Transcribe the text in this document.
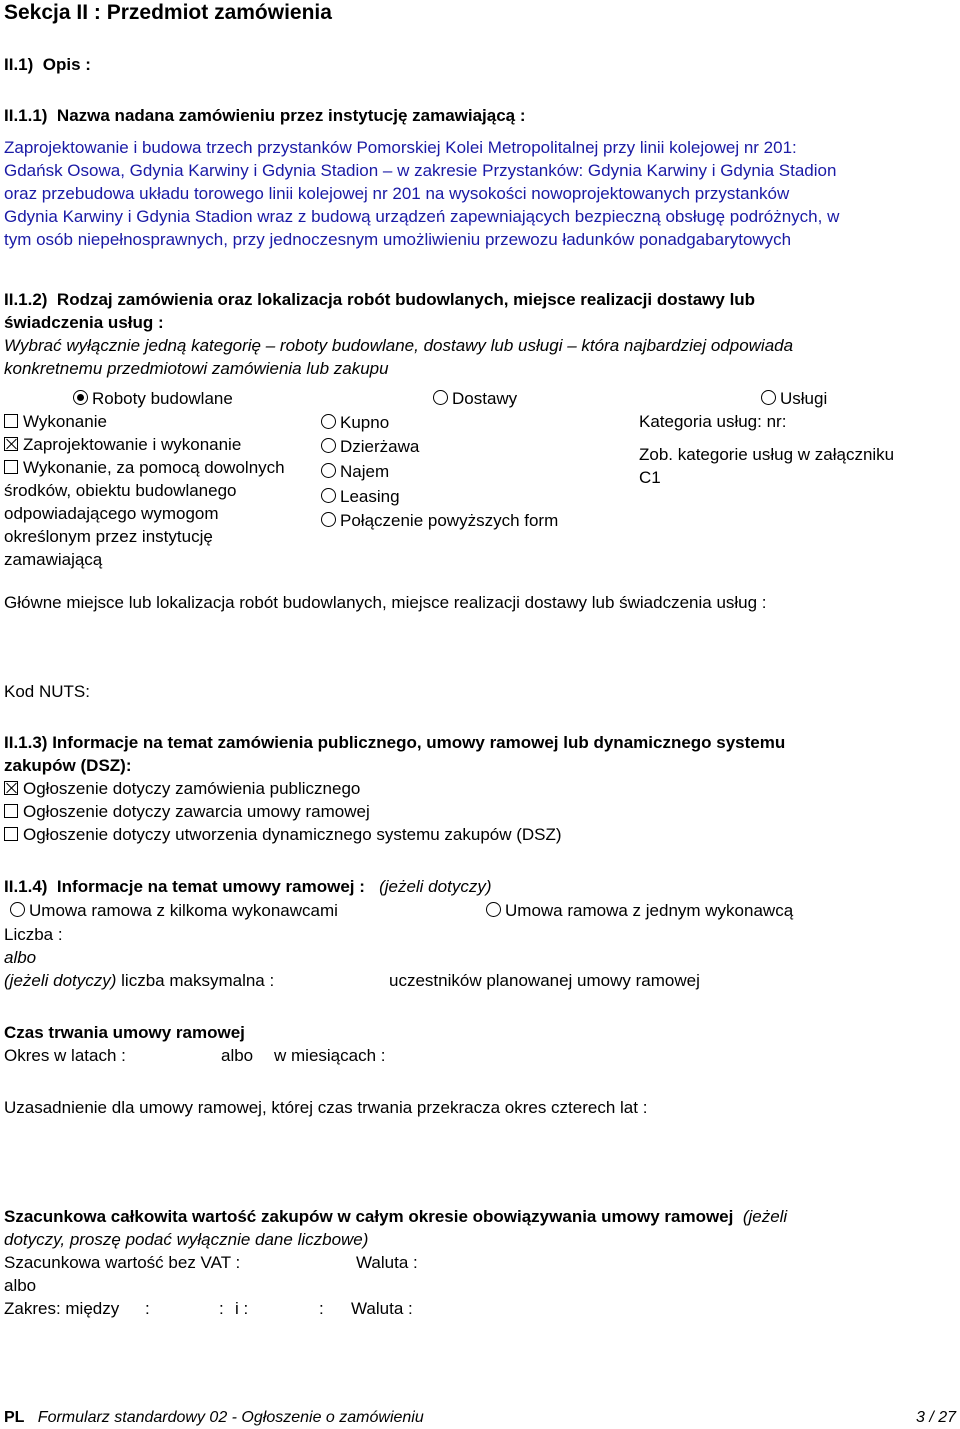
Sekcja II : Przedmiot zamówienia
II.1) Opis :
II.1.1) Nazwa nadana zamówieniu przez instytucję zamawiającą :
Zaprojektowanie i budowa trzech przystanków Pomorskiej Kolei Metropolitalnej przy linii kolejowej nr 201:
Gdańsk Osowa, Gdynia Karwiny i Gdynia Stadion – w zakresie Przystanków: Gdynia Karwiny i Gdynia Stadion
oraz przebudowa układu torowego linii kolejowej nr 201 na wysokości nowoprojektowanych przystanków
Gdynia Karwiny i Gdynia Stadion wraz z budową urządzeń zapewniających bezpieczną obsługę podróżnych, w
tym osób niepełnosprawnych, przy jednoczesnym umożliwieniu przewozu ładunków ponadgabarytowych
II.1.2) Rodzaj zamówienia oraz lokalizacja robót budowlanych, miejsce realizacji dostawy lub
świadczenia usług :
Wybrać wyłącznie jedną kategorię – roboty budowlane, dostawy lub usługi – która najbardziej odpowiada
konkretnemu przedmiotowi zamówienia lub zakupu
Roboty budowlane	Dostawy	Usługi
Wykonanie
Zaprojektowanie i wykonanie
Wykonanie, za pomocą dowolnych
środków, obiektu budowlanego
odpowiadającego wymogom
określonym przez instytucję
zamawiającą
Kupno
Dzierżawa
Najem
Leasing
Połączenie powyższych form
Kategoria usług: nr:
Zob. kategorie usług w załączniku
C1
Główne miejsce lub lokalizacja robót budowlanych, miejsce realizacji dostawy lub świadczenia usług :
Kod NUTS:
II.1.3) Informacje na temat zamówienia publicznego, umowy ramowej lub dynamicznego systemu
zakupów (DSZ):
Ogłoszenie dotyczy zamówienia publicznego
Ogłoszenie dotyczy zawarcia umowy ramowej
Ogłoszenie dotyczy utworzenia dynamicznego systemu zakupów (DSZ)
II.1.4) Informacje na temat umowy ramowej : (jeżeli dotyczy)
Umowa ramowa z kilkoma wykonawcami	Umowa ramowa z jednym wykonawcą
Liczba :
albo
(jeżeli dotyczy) liczba maksymalna :	uczestników planowanej umowy ramowej
Czas trwania umowy ramowej
Okres w latach :	albo w miesiącach :
Uzasadnienie dla umowy ramowej, której czas trwania przekracza okres czterech lat :
Szacunkowa całkowita wartość zakupów w całym okresie obowiązywania umowy ramowej (jeżeli
dotyczy, proszę podać wyłącznie dane liczbowe)
Szacunkowa wartość bez VAT :	Waluta :
albo
Zakres: między :	: i :	: Waluta :
PL Formularz standardowy 02 - Ogłoszenie o zamówieniu	3 / 27
